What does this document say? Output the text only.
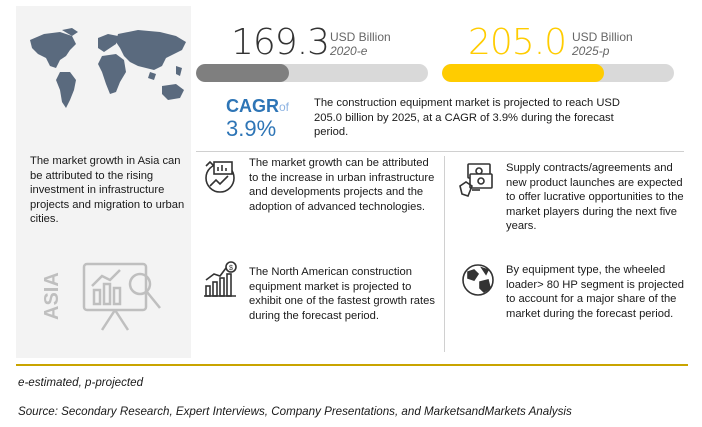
The market growth in Asia can be attributed to the rising investment in infrastructure projects and migration to urban cities.
ASIA
169.3 USD Billion
2020-e	205.0 USD Billion
2025-p
CAGR of
3.9%
The construction equipment market is projected to reach USD 205.0 billion by 2025, at a CAGR of 3.9% during the forecast period.
The market growth can be attributed to the increase in urban infrastructure and developments projects and the adoption of advanced technologies.
Supply contracts/agreements and new product launches are expected to offer lucrative opportunities to the market players during the next five years.
$ The North American construction equipment market is projected to exhibit one of the fastest growth rates during the forecast period.
By equipment type, the wheeled loader> 80 HP segment is projected to account for a major share of the market during the forecast period.
e-estimated, p-projected
Source: Secondary Research, Expert Interviews, Company Presentations, and MarketsandMarkets Analysis
